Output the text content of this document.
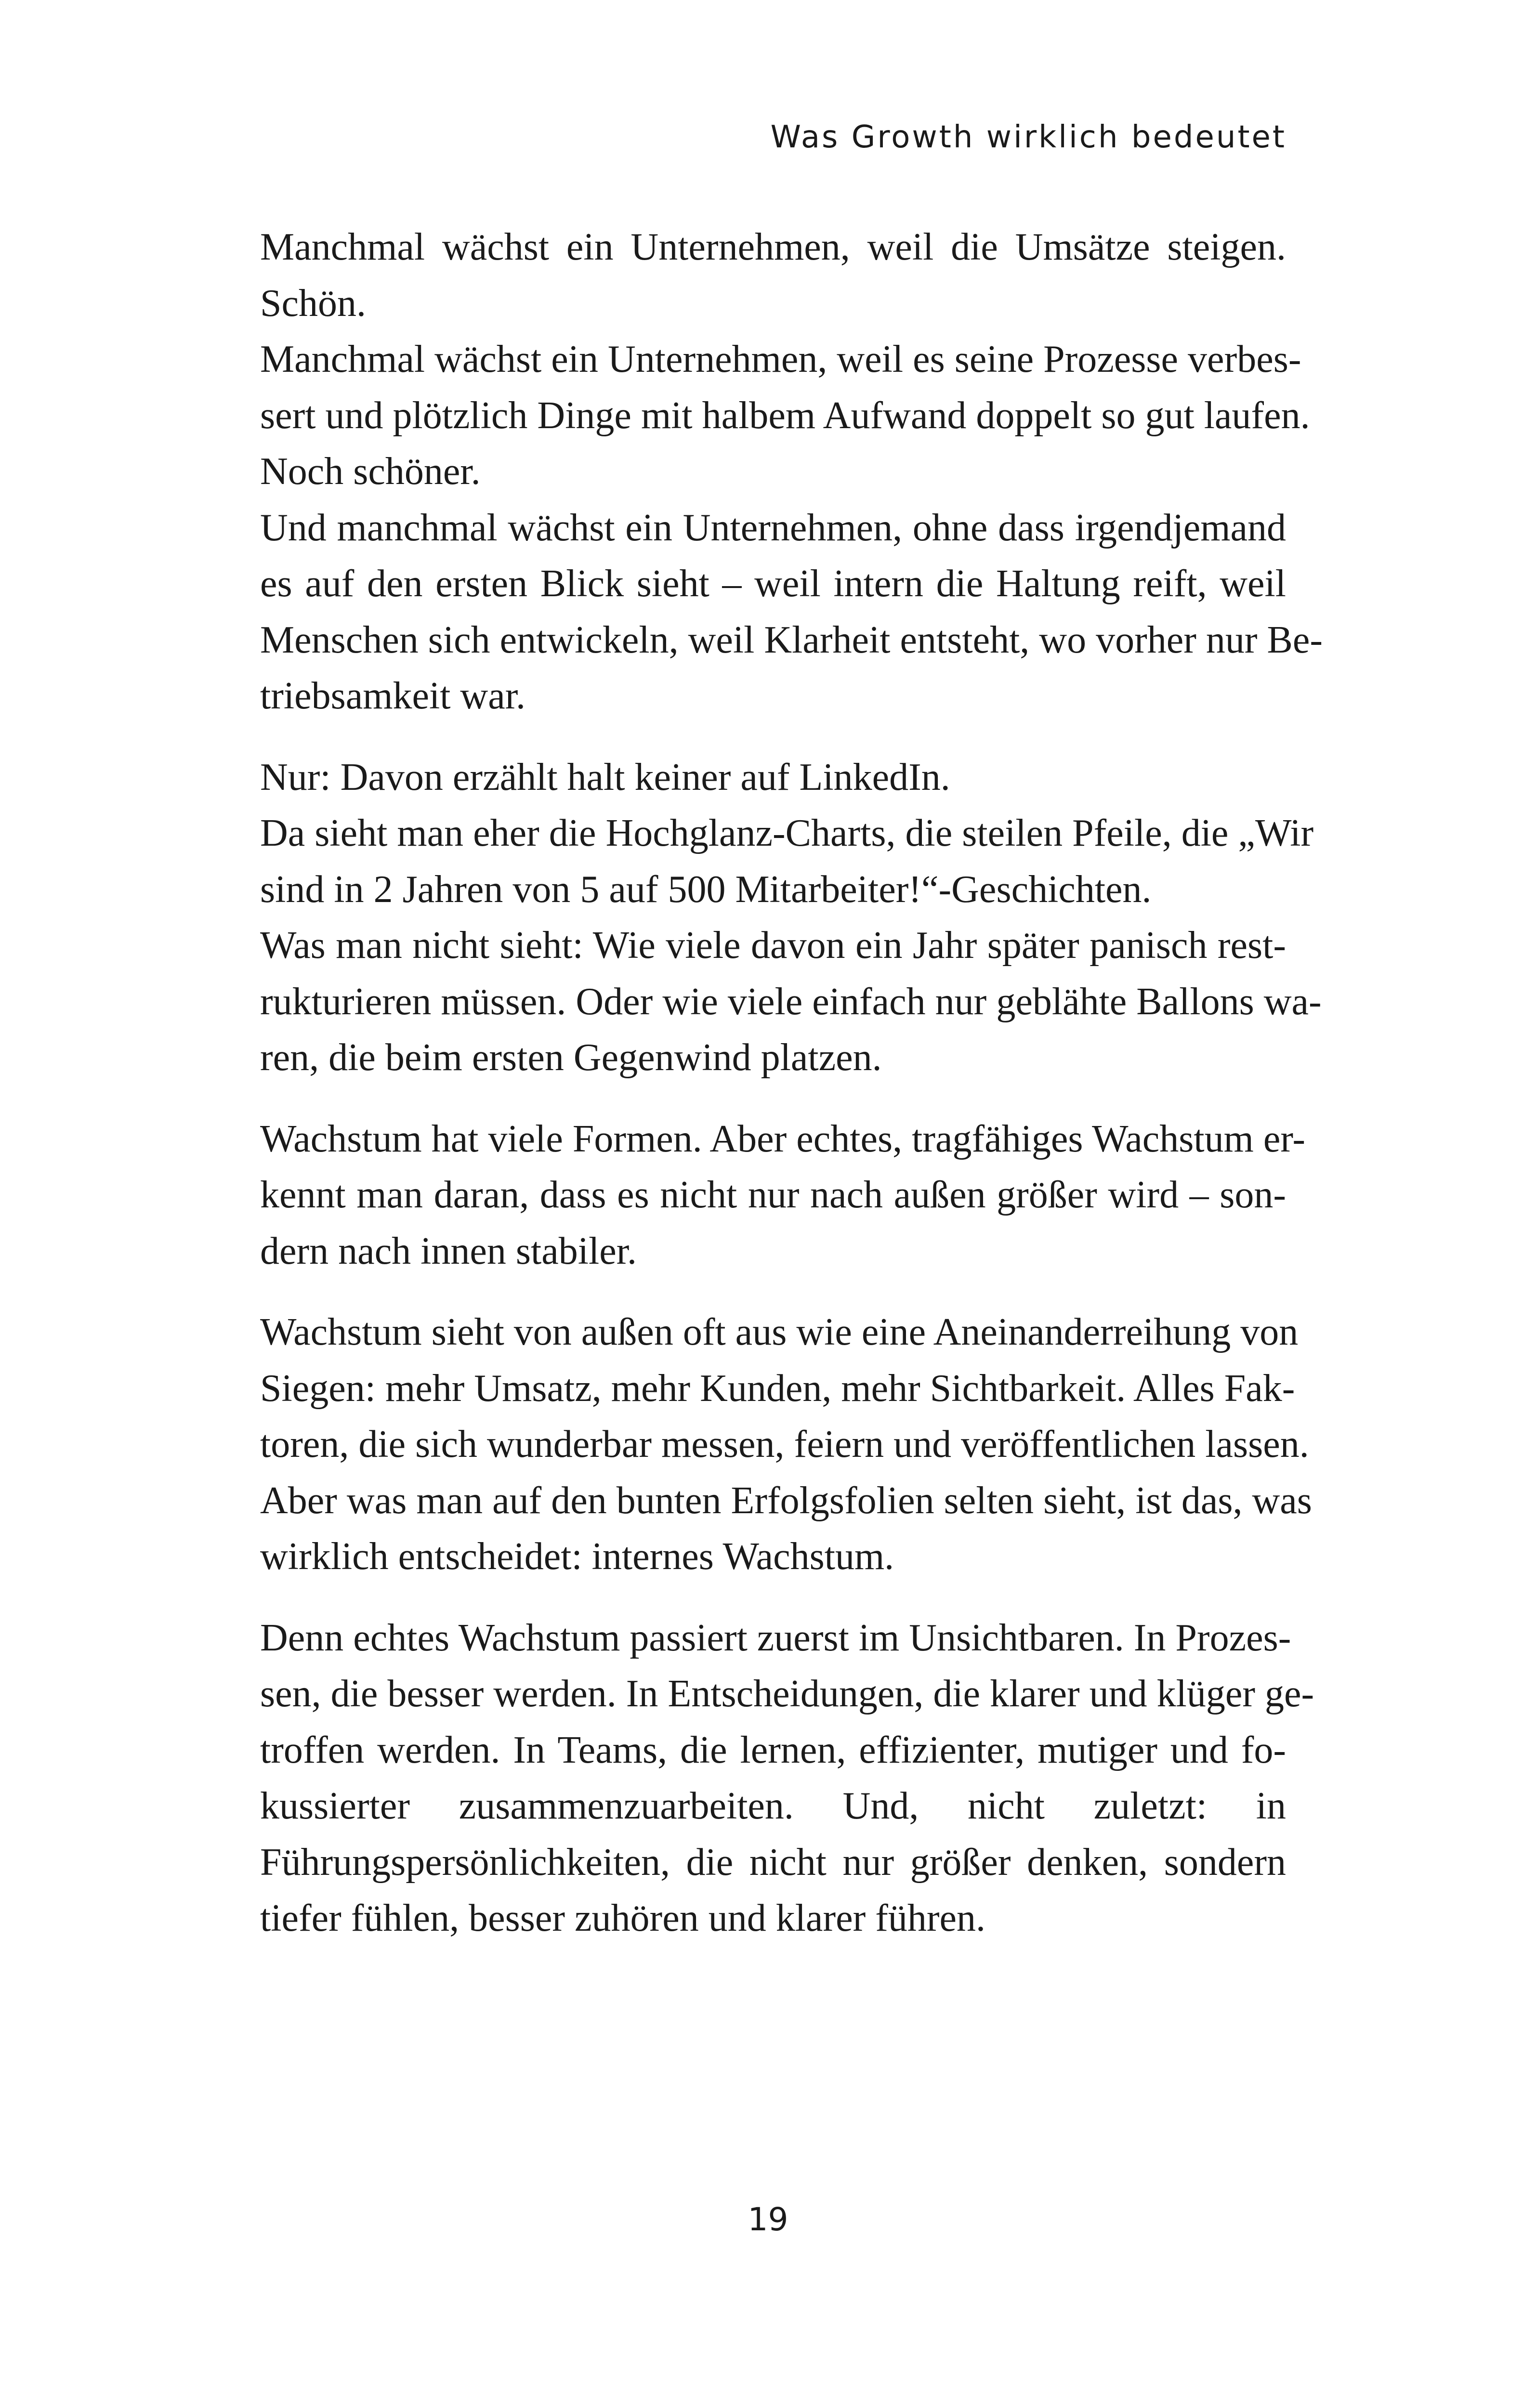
Was Growth wirklich bedeutet
Manchmal wächst ein Unternehmen, weil die Umsätze steigen.
Schön.
Manchmal wächst ein Unternehmen, weil es seine Prozesse verbes-
sert und plötzlich Dinge mit halbem Aufwand doppelt so gut laufen.
Noch schöner.
Und manchmal wächst ein Unternehmen, ohne dass irgendjemand
es auf den ersten Blick sieht – weil intern die Haltung reift, weil
Menschen sich entwickeln, weil Klarheit entsteht, wo vorher nur Be-
triebsamkeit war.
Nur: Davon erzählt halt keiner auf LinkedIn.
Da sieht man eher die Hochglanz-Charts, die steilen Pfeile, die „Wir
sind in 2 Jahren von 5 auf 500 Mitarbeiter!“-Geschichten.
Was man nicht sieht: Wie viele davon ein Jahr später panisch rest-
rukturieren müssen. Oder wie viele einfach nur geblähte Ballons wa-
ren, die beim ersten Gegenwind platzen.
Wachstum hat viele Formen. Aber echtes, tragfähiges Wachstum er-
kennt man daran, dass es nicht nur nach außen größer wird – son-
dern nach innen stabiler.
Wachstum sieht von außen oft aus wie eine Aneinanderreihung von
Siegen: mehr Umsatz, mehr Kunden, mehr Sichtbarkeit. Alles Fak-
toren, die sich wunderbar messen, feiern und veröffentlichen lassen.
Aber was man auf den bunten Erfolgsfolien selten sieht, ist das, was
wirklich entscheidet: internes Wachstum.
Denn echtes Wachstum passiert zuerst im Unsichtbaren. In Prozes-
sen, die besser werden. In Entscheidungen, die klarer und klüger ge-
troffen werden. In Teams, die lernen, effizienter, mutiger und fo-
kussierter zusammenzuarbeiten. Und, nicht zuletzt: in
Führungspersönlichkeiten, die nicht nur größer denken, sondern
tiefer fühlen, besser zuhören und klarer führen.
19
